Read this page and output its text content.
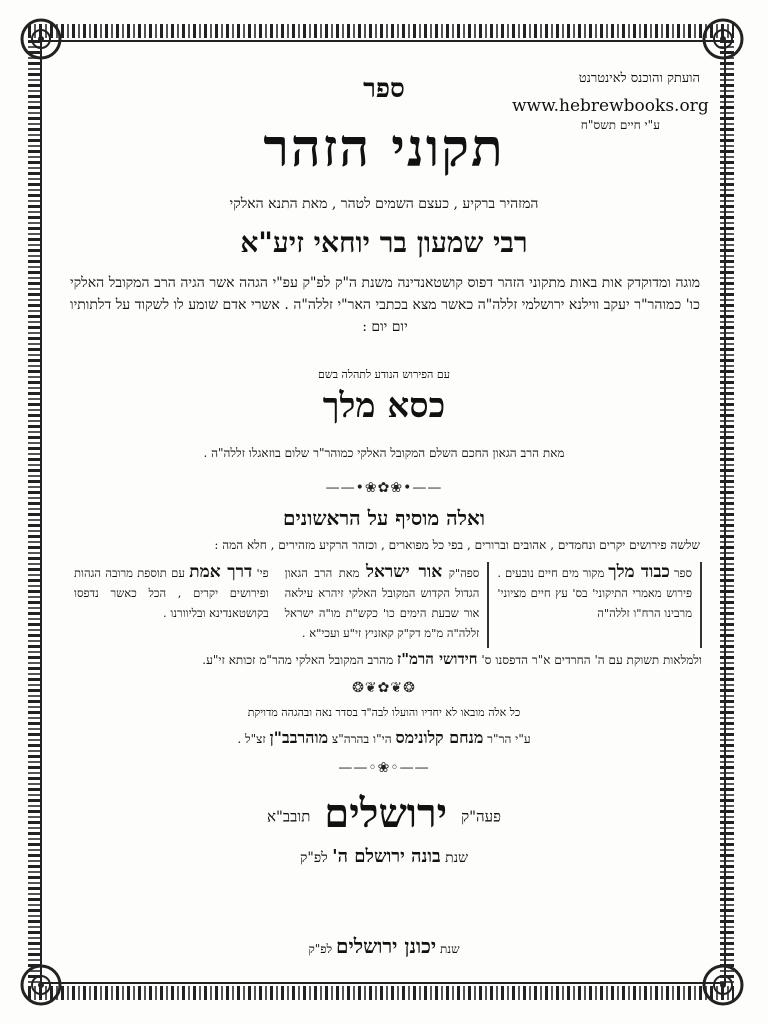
הועתק והוכנס לאינטרנט
www.hebrewbooks.org
ע"י חיים תשס"ח
ספר
תקוני הזהר
המזהיר ברקיע , כעצם השמים לטהר , מאת התנא האלקי
רבי שמעון בר יוחאי זיע"א
מוגה ומדוקדק אות באות מתקוני הזהר דפוס קושטאנדינה משנת ה"ק לפ"ק עפ"י הגהה אשר הגיה הרב המקובל האלקי כו' כמוהר"ר יעקב ווילנא ירושלמי זללה"ה כאשר מצא בכתבי האר"י זללה"ה . אשרי אדם שומע לו לשקוד על דלתותיו יום יום :
עם הפירוש הנודע לתהלה בשם
כסא מלך
מאת הרב הגאון החכם השלם המקובל האלקי כמוהר"ר שלום בוזאגלו זללה"ה .
——•❀✿❀•——
ואלה מוסיף על הראשונים
שלשה פירושים יקרים ונחמדים , אהובים וברורים , בפי כל מפוארים , וכזהר הרקיע מזהירים , חלא המה :
פי' דרך אמת עם תוספת מרובה הגהות ופירושים יקרים , הכל כאשר נדפסו בקושטאנדינא ובליוורנו .
ספה"ק אור ישראל מאת הרב הגאון הגדול הקדוש המקובל האלקי זיהרא עילאה אור שבעת הימים כו' כקש"ת מו"ה ישראל זללה"ה מ"מ דק"ק קאזניץ זי"ע ועכי"א .
ספר כבוד מלך מקור מים חיים נובעים . פירוש מאמרי התיקוני' בס' עץ חיים מציוני' מרבינו הרח"ו זללה"ה
ולמלאות תשוקת עם ה' החרדים א"ר הדפסנו ס' חידושי הרמ"ז מהרב המקובל האלקי מהר"מ זכותא זי"ע.
❂❦✿❦❂
כל אלה מובאו לא יחדיו והועלו לבה"ד בסדר נאה ובהגהה מדויקת
ע"י הר"ר מנחם קלונימס הי"ו בהרה"צ מוהרבב"ן זצ"ל .
——◦❀◦——
פעה"ק ירושלים תובב"א
שנת בונה ירושלם ה' לפ"ק
שנת יכונן ירושלים לפ"ק
